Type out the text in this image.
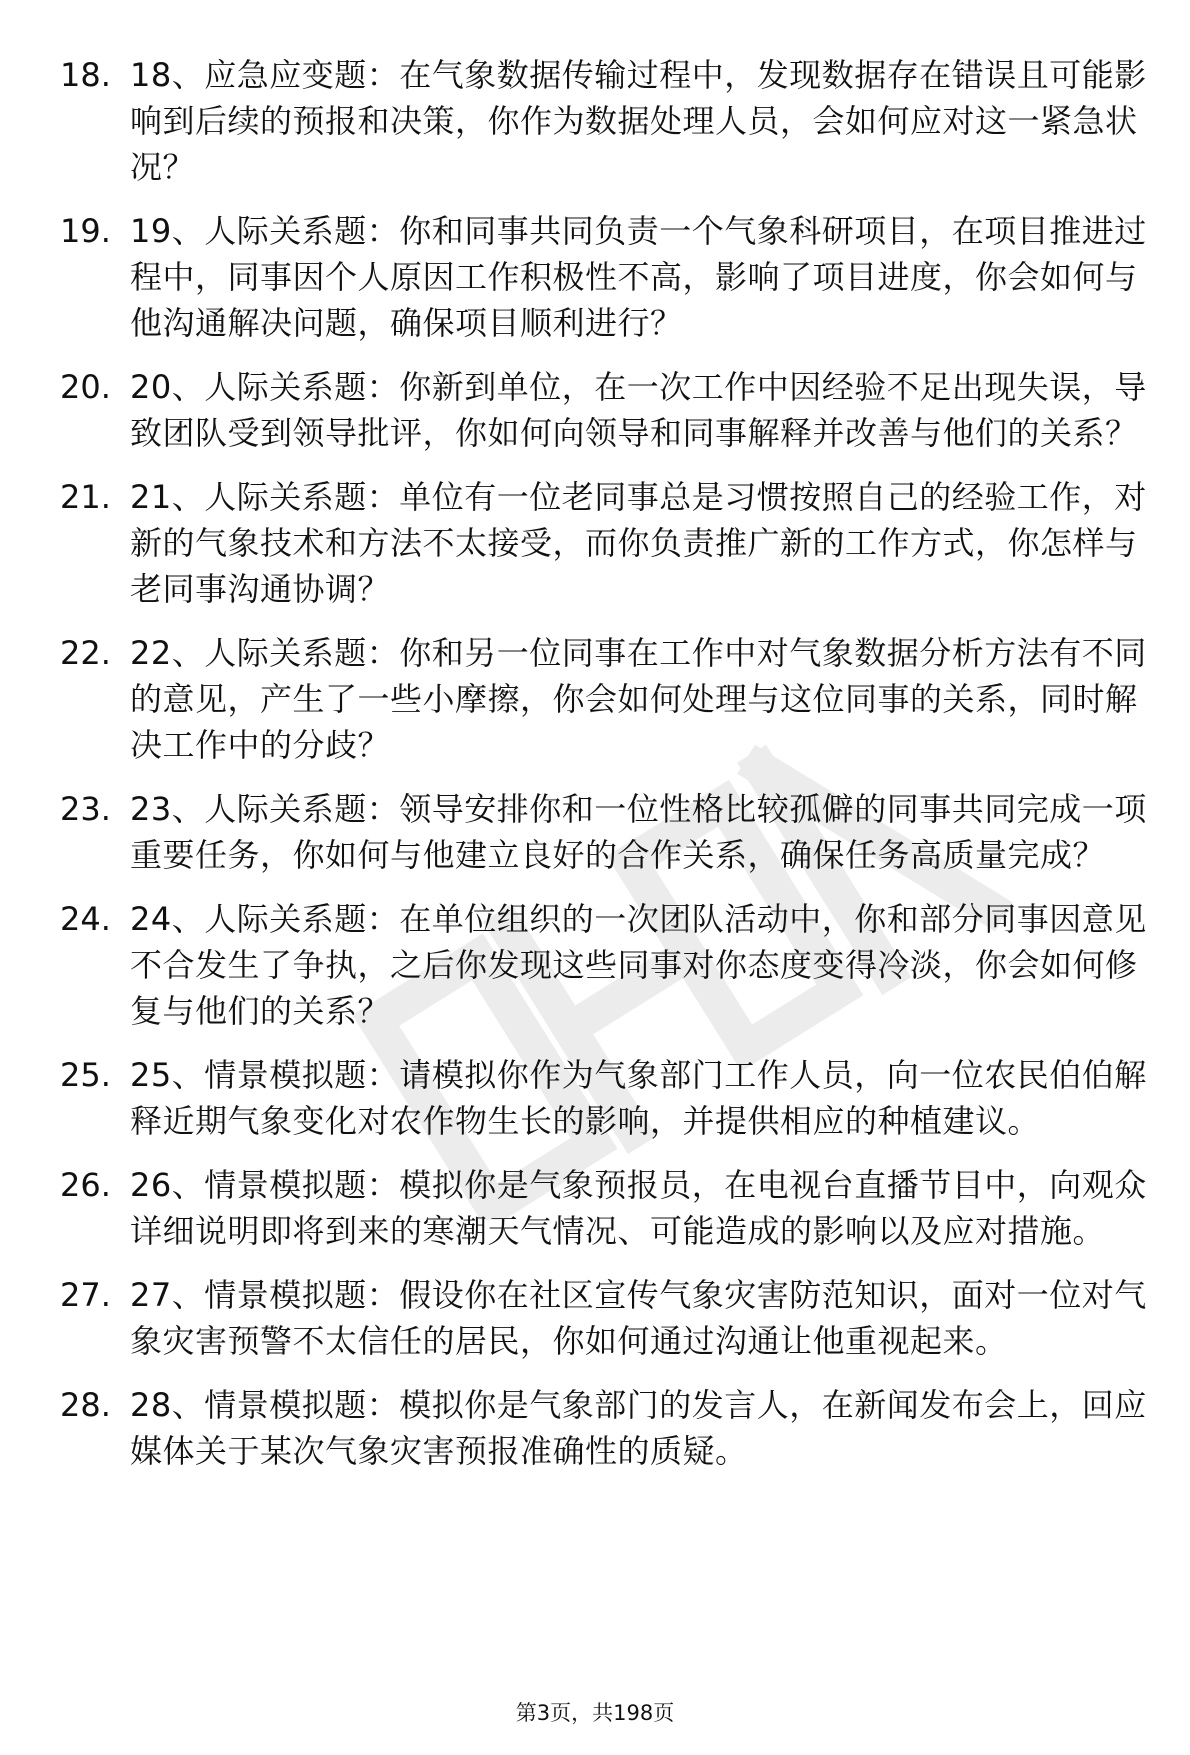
18. 18、应急应变题：在气象数据传输过程中，发现数据存在错误且可能影响到后续的预报和决策，你作为数据处理人员，会如何应对这一紧急状况？
19. 19、人际关系题：你和同事共同负责一个气象科研项目，在项目推进过程中，同事因个人原因工作积极性不高，影响了项目进度，你会如何与他沟通解决问题，确保项目顺利进行？
20. 20、人际关系题：你新到单位，在一次工作中因经验不足出现失误，导致团队受到领导批评，你如何向领导和同事解释并改善与他们的关系？
21. 21、人际关系题：单位有一位老同事总是习惯按照自己的经验工作，对新的气象技术和方法不太接受，而你负责推广新的工作方式，你怎样与老同事沟通协调？
22. 22、人际关系题：你和另一位同事在工作中对气象数据分析方法有不同的意见，产生了一些小摩擦，你会如何处理与这位同事的关系，同时解决工作中的分歧？
23. 23、人际关系题：领导安排你和一位性格比较孤僻的同事共同完成一项重要任务，你如何与他建立良好的合作关系，确保任务高质量完成？
24. 24、人际关系题：在单位组织的一次团队活动中，你和部分同事因意见不合发生了争执，之后你发现这些同事对你态度变得冷淡，你会如何修复与他们的关系？
25. 25、情景模拟题：请模拟你作为气象部门工作人员，向一位农民伯伯解释近期气象变化对农作物生长的影响，并提供相应的种植建议。
26. 26、情景模拟题：模拟你是气象预报员，在电视台直播节目中，向观众详细说明即将到来的寒潮天气情况、可能造成的影响以及应对措施。
27. 27、情景模拟题：假设你在社区宣传气象灾害防范知识，面对一位对气象灾害预警不太信任的居民，你如何通过沟通让他重视起来。
28. 28、情景模拟题：模拟你是气象部门的发言人，在新闻发布会上，回应媒体关于某次气象灾害预报准确性的质疑。
第3页，共198页
